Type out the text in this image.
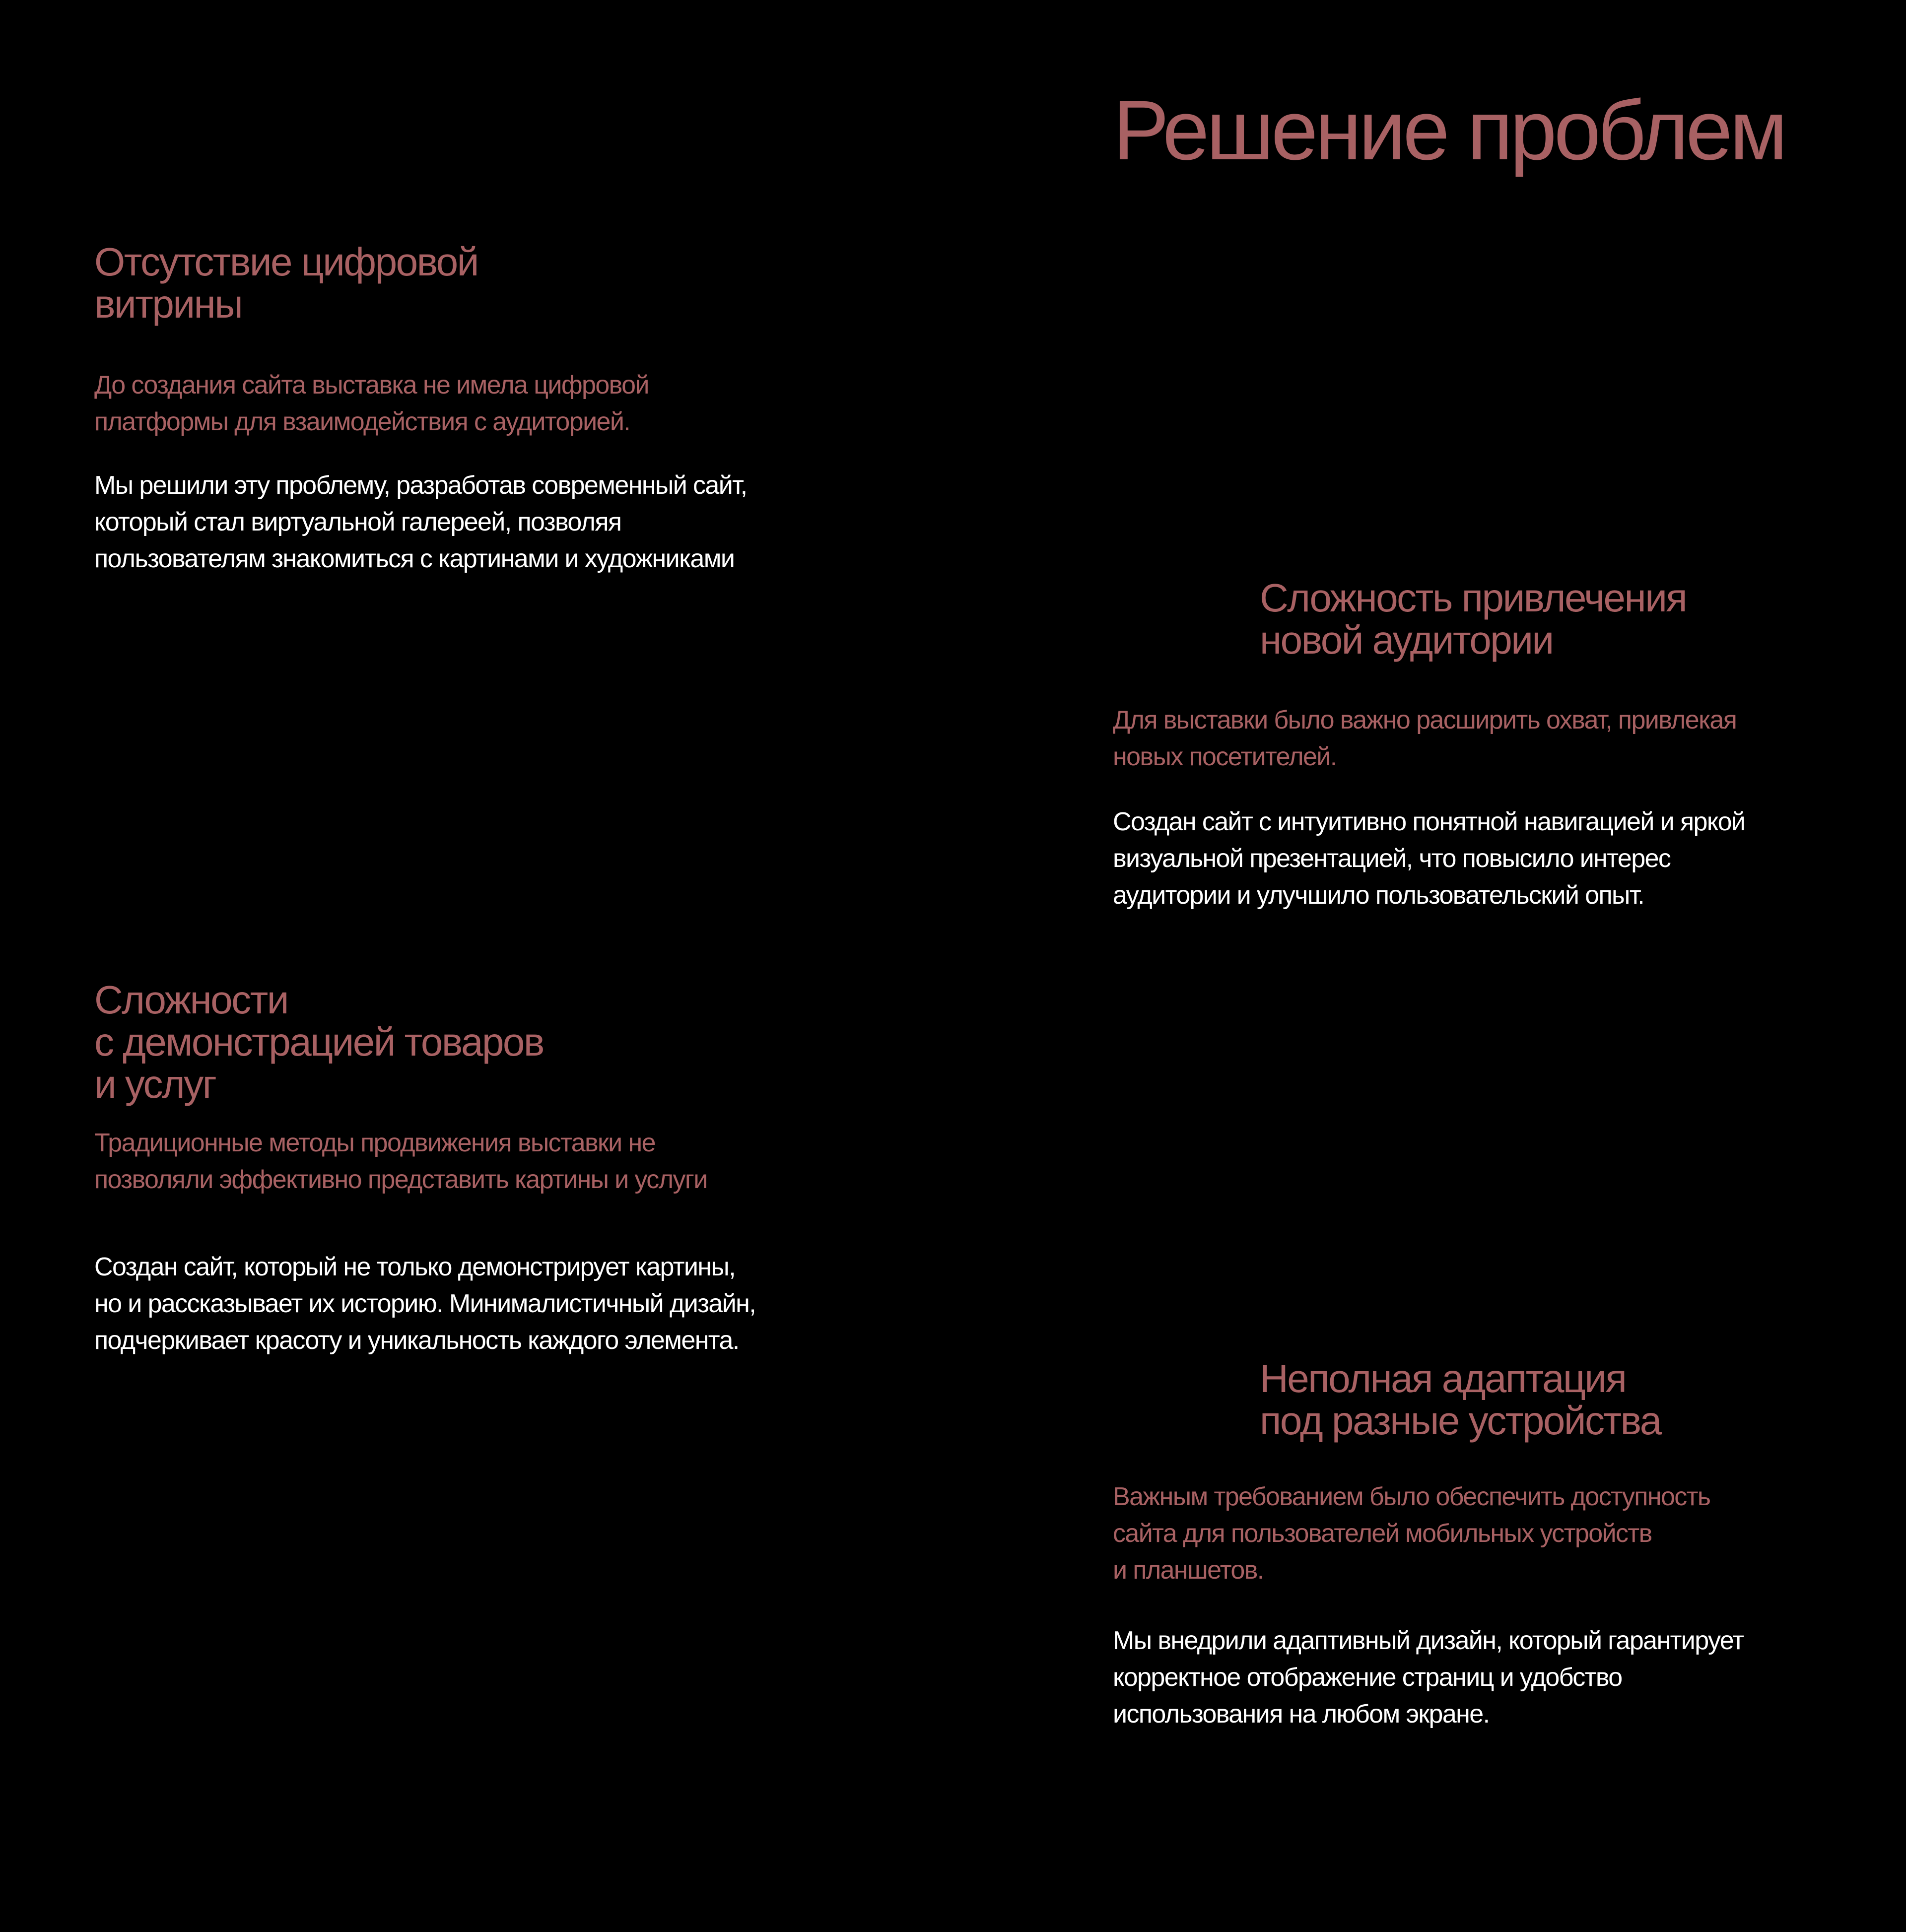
Решение проблем
Отсутствие цифровой
витрины

До создания сайта выставка не имела цифровой
платформы для взаимодействия с аудиторией.

Мы решили эту проблему, разработав современный сайт,
который стал виртуальной галереей, позволяя
пользователям знакомиться с картинами и художниками

Сложность привлечения
новой аудитории

Для выставки было важно расширить охват, привлекая
новых посетителей.

Создан сайт с интуитивно понятной навигацией и яркой
визуальной презентацией, что повысило интерес
аудитории и улучшило пользовательский опыт.

Сложности
с демонстрацией товаров
и услуг

Традиционные методы продвижения выставки не
позволяли эффективно представить картины и услуги

Создан сайт, который не только демонстрирует картины,
но и рассказывает их историю. Минималистичный дизайн,
подчеркивает красоту и уникальность каждого элемента.

Неполная адаптация
под разные устройства

Важным требованием было обеспечить доступность
сайта для пользователей мобильных устройств
и планшетов.

Мы внедрили адаптивный дизайн, который гарантирует
корректное отображение страниц и удобство
использования на любом экране.
